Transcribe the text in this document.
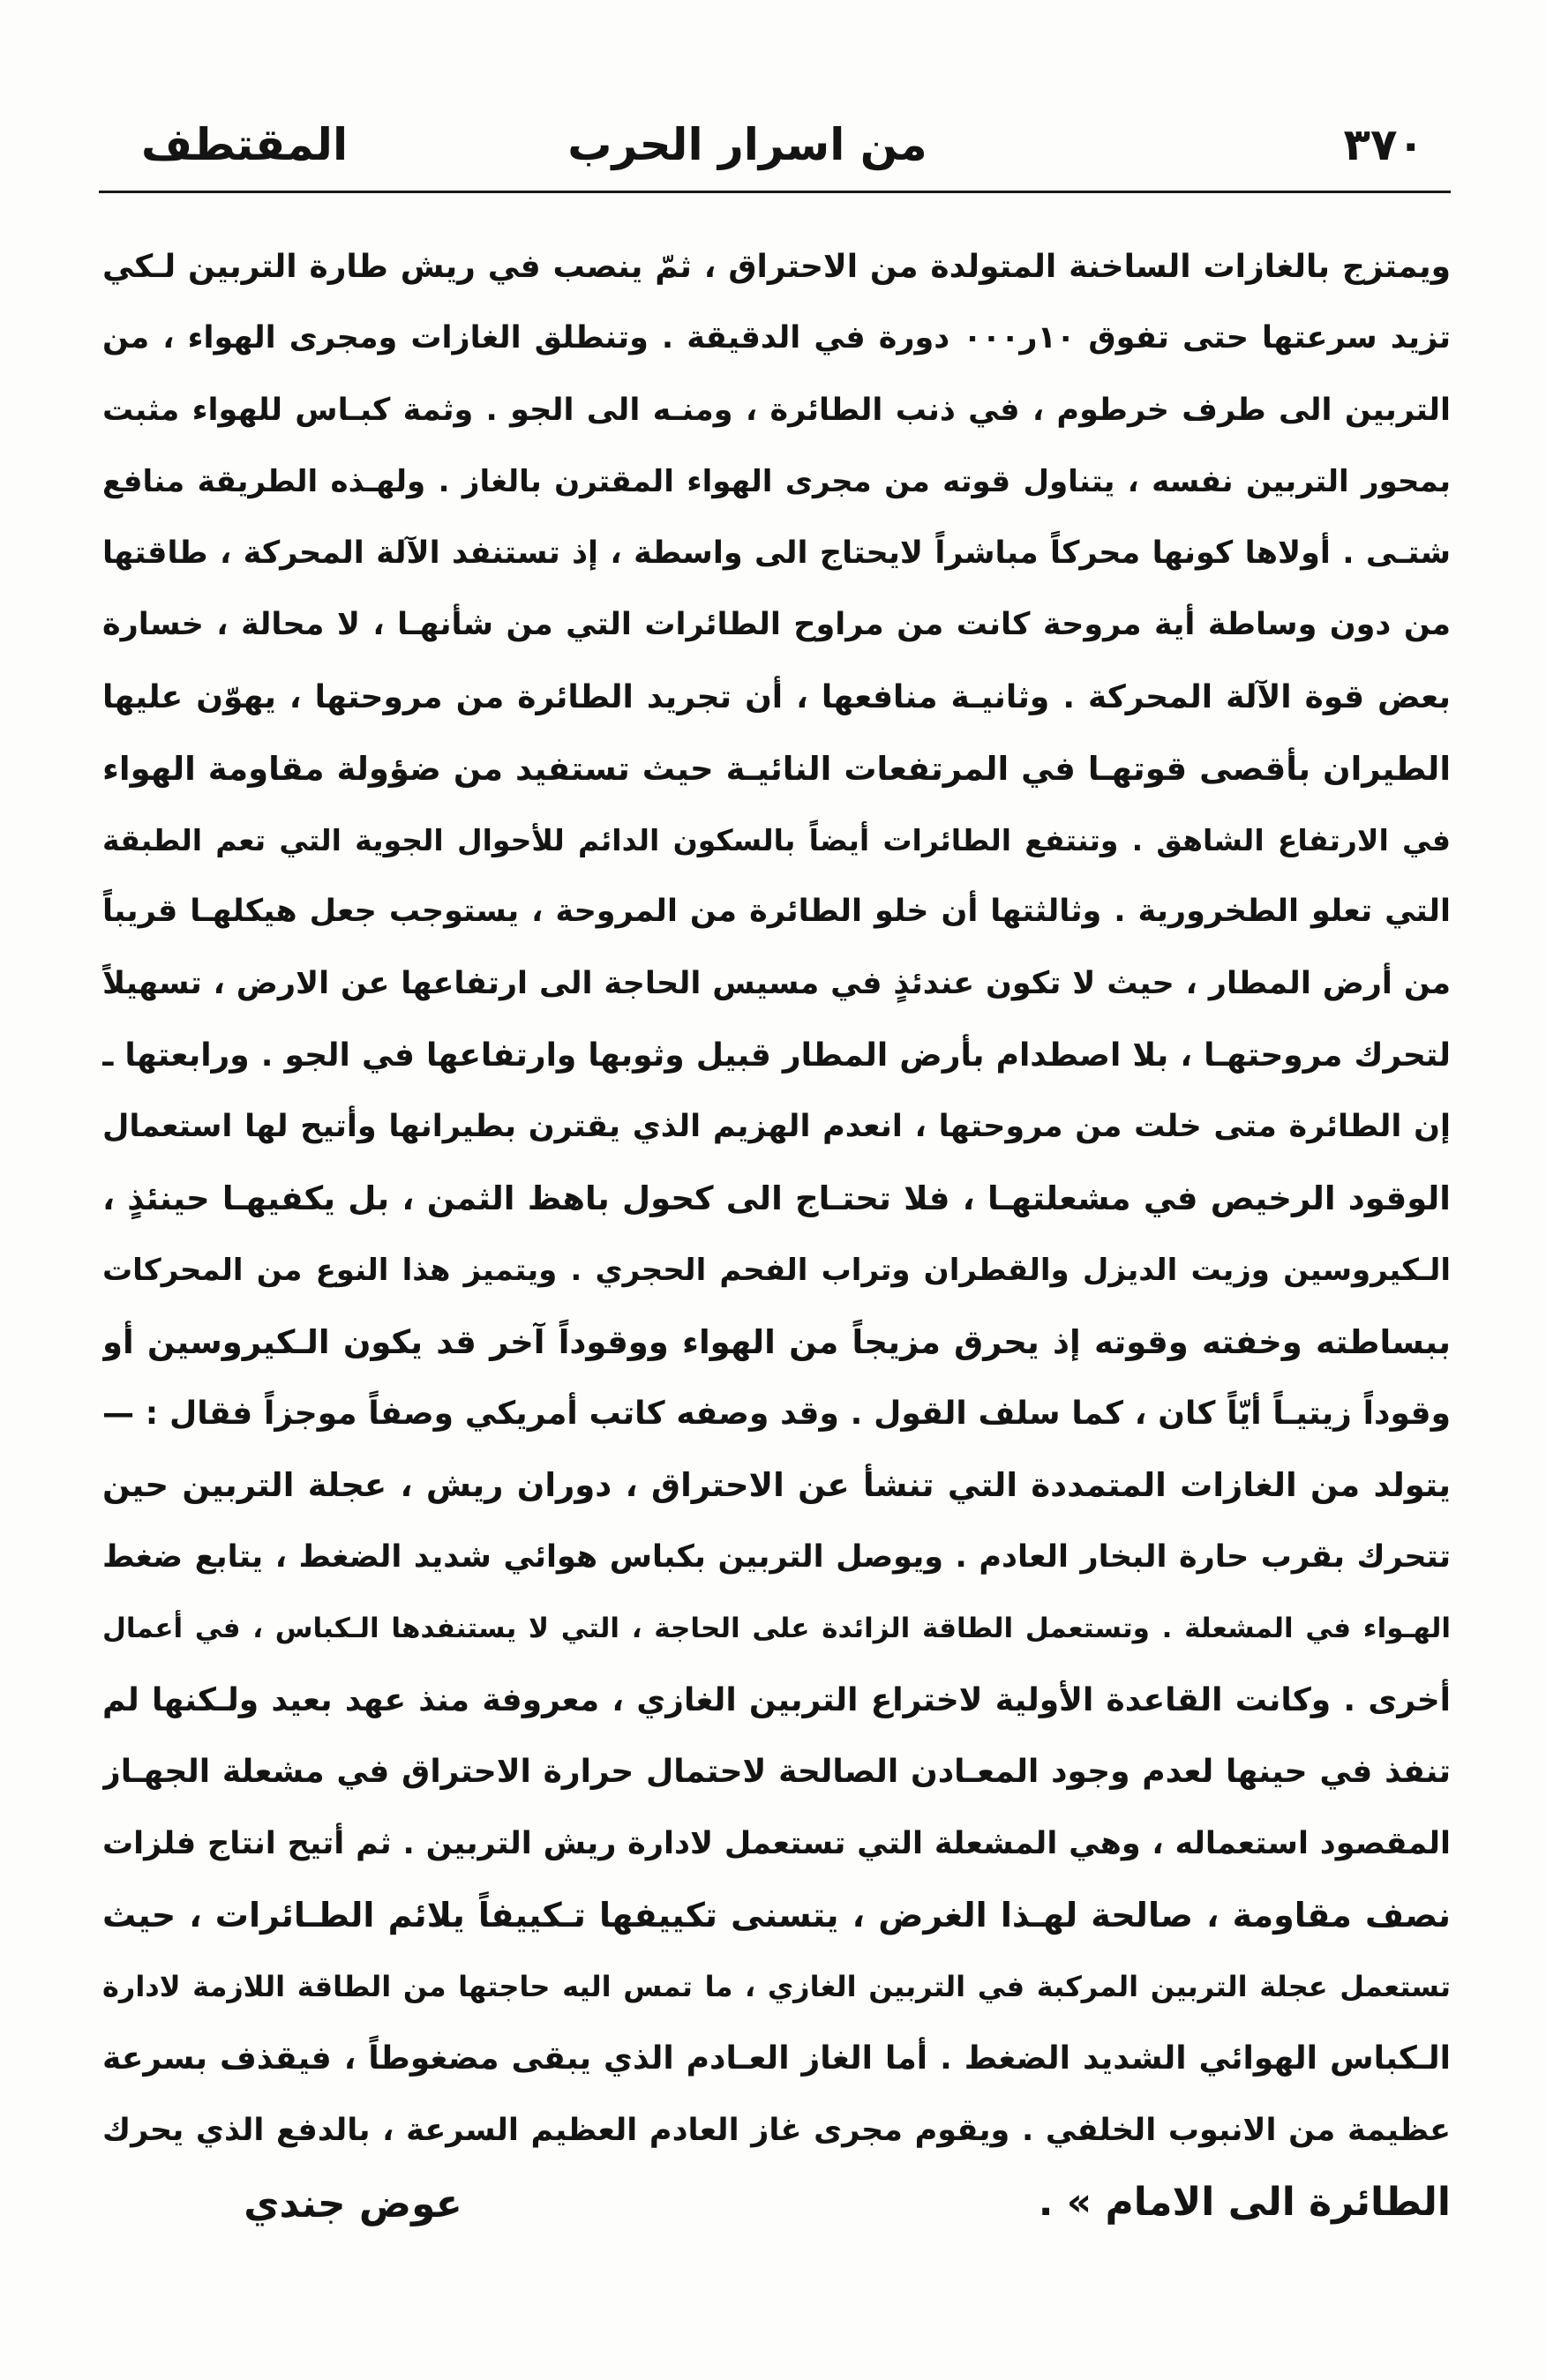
٣٧٠
من اسرار الحرب
المقتطف
ويمتزج بالغازات الساخنة المتولدة من الاحتراق ، ثمّ ينصب في ريش طارة التربين لـكي
تزيد سرعتها حتى تفوق ١٠ر٠٠٠ دورة في الدقيقة . وتنطلق الغازات ومجرى الهواء ، من
التربين الى طرف خرطوم ، في ذنب الطائرة ، ومنـه الى الجو . وثمة كبـاس للهواء مثبت
بمحور التربين نفسه ، يتناول قوته من مجرى الهواء المقترن بالغاز . ولهـذه الطريقة منافع
شتـى . أولاها كونها محركاً مباشراً لايحتاج الى واسطة ، إذ تستنفد الآلة المحركة ، طاقتها
من دون وساطة أية مروحة كانت من مراوح الطائرات التي من شأنهـا ، لا محالة ، خسارة
بعض قوة الآلة المحركة . وثانيـة منافعها ، أن تجريد الطائرة من مروحتها ، يهوّن عليها
الطيران بأقصى قوتهـا في المرتفعات النائيـة حيث تستفيد من ضؤولة مقاومة الهواء
في الارتفاع الشاهق . وتنتفع الطائرات أيضاً بالسكون الدائم للأحوال الجوية التي تعم الطبقة
التي تعلو الطخرورية . وثالثتها أن خلو الطائرة من المروحة ، يستوجب جعل هيكلهـا قريباً
من أرض المطار ، حيث لا تكون عندئذٍ في مسيس الحاجة الى ارتفاعها عن الارض ، تسهيلاً
لتحرك مروحتهـا ، بلا اصطدام بأرض المطار قبيل وثوبها وارتفاعها في الجو . ورابعتها ـ
إن الطائرة متى خلت من مروحتها ، انعدم الهزيم الذي يقترن بطيرانها وأتيح لها استعمال
الوقود الرخيص في مشعلتهـا ، فلا تحتـاج الى كحول باهظ الثمن ، بل يكفيهـا حينئذٍ ،
الـكيروسين وزيت الديزل والقطران وتراب الفحم الحجري . ويتميز هذا النوع من المحركات
ببساطته وخفته وقوته إذ يحرق مزيجاً من الهواء ووقوداً آخر قد يكون الـكيروسين أو
وقوداً زيتيـاً أيّاً كان ، كما سلف القول . وقد وصفه كاتب أمريكي وصفاً موجزاً فقال : —
يتولد من الغازات المتمددة التي تنشأ عن الاحتراق ، دوران ريش ، عجلة التربين حين
تتحرك بقرب حارة البخار العادم . ويوصل التربين بكباس هوائي شديد الضغط ، يتابع ضغط
الهـواء في المشعلة . وتستعمل الطاقة الزائدة على الحاجة ، التي لا يستنفدها الـكباس ، في أعمال
أخرى . وكانت القاعدة الأولية لاختراع التربين الغازي ، معروفة منذ عهد بعيد ولـكنها لم
تنفذ في حينها لعدم وجود المعـادن الصالحة لاحتمال حرارة الاحتراق في مشعلة الجهـاز
المقصود استعماله ، وهي المشعلة التي تستعمل لادارة ريش التربين . ثم أتيح انتاج فلزات
نصف مقاومة ، صالحة لهـذا الغرض ، يتسنى تكييفها تـكييفاً يلائم الطـائرات ، حيث
تستعمل عجلة التربين المركبة في التربين الغازي ، ما تمس اليه حاجتها من الطاقة اللازمة لادارة
الـكباس الهوائي الشديد الضغط . أما الغاز العـادم الذي يبقى مضغوطاً ، فيقذف بسرعة
عظيمة من الانبوب الخلفي . ويقوم مجرى غاز العادم العظيم السرعة ، بالدفع الذي يحرك
الطائرة الى الامام » .
عوض جندي
